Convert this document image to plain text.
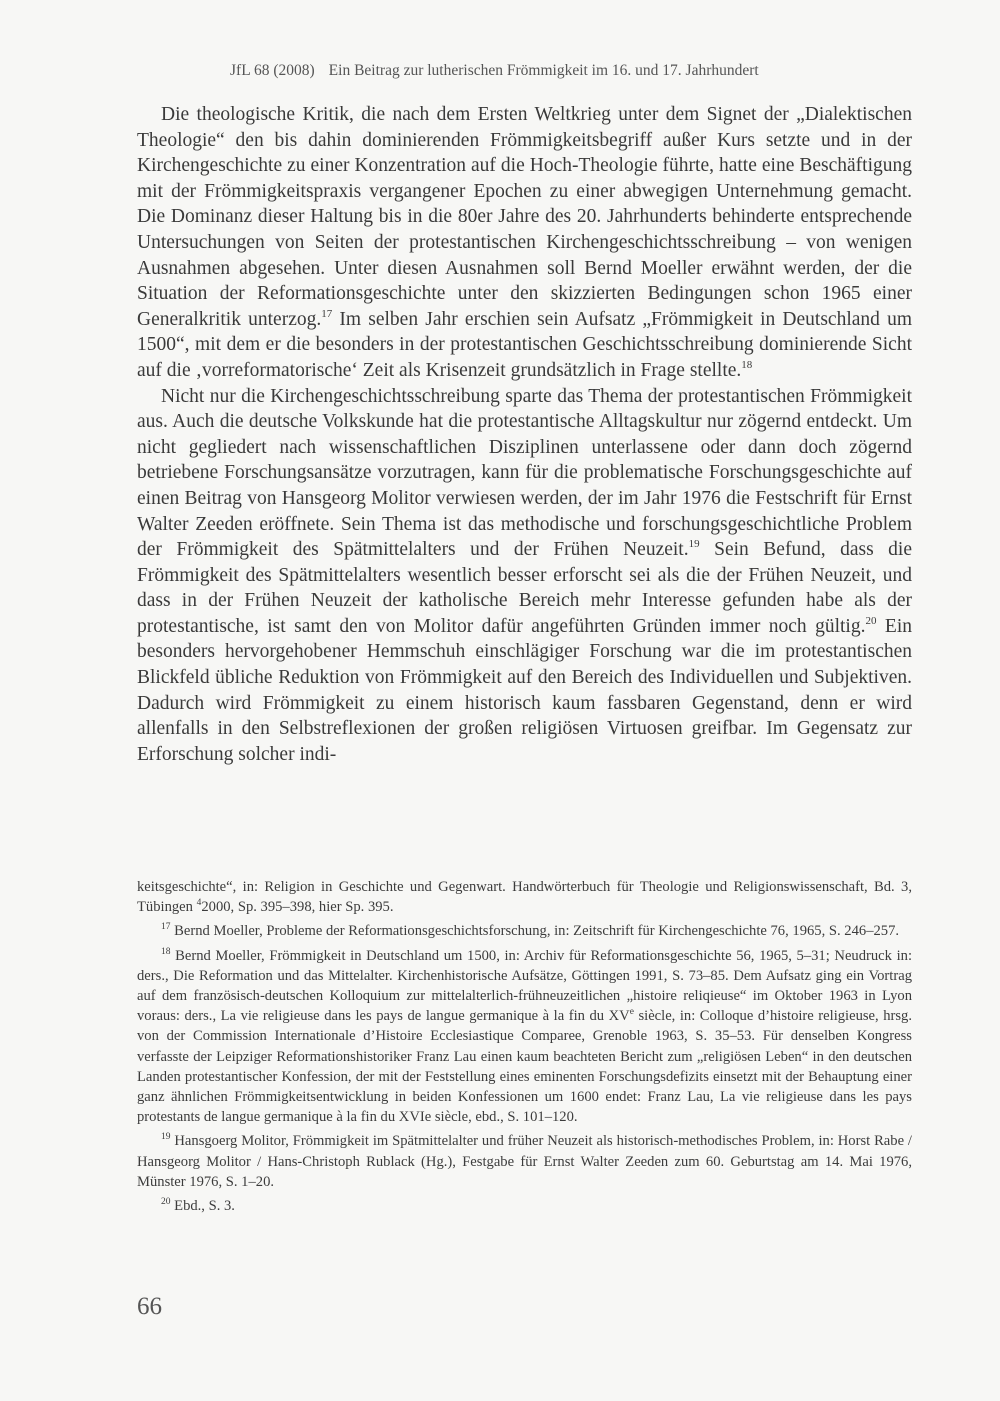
JfL 68 (2008) Ein Beitrag zur lutherischen Frömmigkeit im 16. und 17. Jahrhundert

Die theologische Kritik, die nach dem Ersten Weltkrieg unter dem Signet der „Dialektischen Theologie“ den bis dahin dominierenden Frömmigkeitsbegriff außer Kurs setzte und in der Kirchengeschichte zu einer Konzentration auf die Hoch-Theologie führte, hatte eine Beschäftigung mit der Frömmigkeitspraxis vergangener Epochen zu einer abwegigen Unternehmung gemacht. Die Dominanz dieser Haltung bis in die 80er Jahre des 20. Jahrhunderts behinderte entsprechende Untersuchungen von Seiten der protestantischen Kirchengeschichtsschreibung – von wenigen Ausnahmen abgesehen. Unter diesen Ausnahmen soll Bernd Moeller erwähnt werden, der die Situation der Reformationsgeschichte unter den skizzierten Bedingungen schon 1965 einer Generalkritik unterzog.$^{17}$ Im selben Jahr erschien sein Aufsatz „Frömmigkeit in Deutschland um 1500“, mit dem er die besonders in der protestantischen Geschichtsschreibung dominierende Sicht auf die ‚vorreformatorische‘ Zeit als Krisenzeit grundsätzlich in Frage stellte.$^{18}$

Nicht nur die Kirchengeschichtsschreibung sparte das Thema der protestantischen Frömmigkeit aus. Auch die deutsche Volkskunde hat die protestantische Alltagskultur nur zögernd entdeckt. Um nicht gegliedert nach wissenschaftlichen Disziplinen unterlassene oder dann doch zögernd betriebene Forschungsansätze vorzutragen, kann für die problematische Forschungsgeschichte auf einen Beitrag von Hansgeorg Molitor verwiesen werden, der im Jahr 1976 die Festschrift für Ernst Walter Zeeden eröffnete. Sein Thema ist das methodische und forschungsgeschichtliche Problem der Frömmigkeit des Spätmittelalters und der Frühen Neuzeit.$^{19}$ Sein Befund, dass die Frömmigkeit des Spätmittelalters wesentlich besser erforscht sei als die der Frühen Neuzeit, und dass in der Frühen Neuzeit der katholische Bereich mehr Interesse gefunden habe als der protestantische, ist samt den von Molitor dafür angeführten Gründen immer noch gültig.$^{20}$ Ein besonders hervorgehobener Hemmschuh einschlägiger Forschung war die im protestantischen Blickfeld übliche Reduktion von Frömmigkeit auf den Bereich des Individuellen und Subjektiven. Dadurch wird Frömmigkeit zu einem historisch kaum fassbaren Gegenstand, denn er wird allenfalls in den Selbstreflexionen der großen religiösen Virtuosen greifbar. Im Gegensatz zur Erforschung solcher indi-

keitsgeschichte“, in: Religion in Geschichte und Gegenwart. Handwörterbuch für Theologie und Religionswissenschaft, Bd. 3, Tübingen $^4$2000, Sp. 395–398, hier Sp. 395.

$^{17}$ Bernd Moeller, Probleme der Reformationsgeschichtsforschung, in: Zeitschrift für Kirchengeschichte 76, 1965, S. 246–257.

$^{18}$ Bernd Moeller, Frömmigkeit in Deutschland um 1500, in: Archiv für Reformationsgeschichte 56, 1965, 5–31; Neudruck in: ders., Die Reformation und das Mittelalter. Kirchenhistorische Aufsätze, Göttingen 1991, S. 73–85. Dem Aufsatz ging ein Vortrag auf dem französisch-deutschen Kolloquium zur mittelalterlich-frühneuzeitlichen „histoire reliqieuse“ im Oktober 1963 in Lyon voraus: ders., La vie religieuse dans les pays de langue germanique à la fin du XVe siècle, in: Colloque d’histoire religieuse, hrsg. von der Commission Internationale d’Histoire Ecclesiastique Comparee, Grenoble 1963, S. 35–53. Für denselben Kongress verfasste der Leipziger Reformationshistoriker Franz Lau einen kaum beachteten Bericht zum „religiösen Leben“ in den deutschen Landen protestantischer Konfession, der mit der Feststellung eines eminenten Forschungsdefizits einsetzt mit der Behauptung einer ganz ähnlichen Frömmigkeitsentwicklung in beiden Konfessionen um 1600 endet: Franz Lau, La vie religieuse dans les pays protestants de langue germanique à la fin du XVIe siècle, ebd., S. 101–120.

$^{19}$ Hansgoerg Molitor, Frömmigkeit im Spätmittelalter und früher Neuzeit als historisch-methodisches Problem, in: Horst Rabe / Hansgeorg Molitor / Hans-Christoph Rublack (Hg.), Festgabe für Ernst Walter Zeeden zum 60. Geburtstag am 14. Mai 1976, Münster 1976, S. 1–20.

$^{20}$ Ebd., S. 3.

66
